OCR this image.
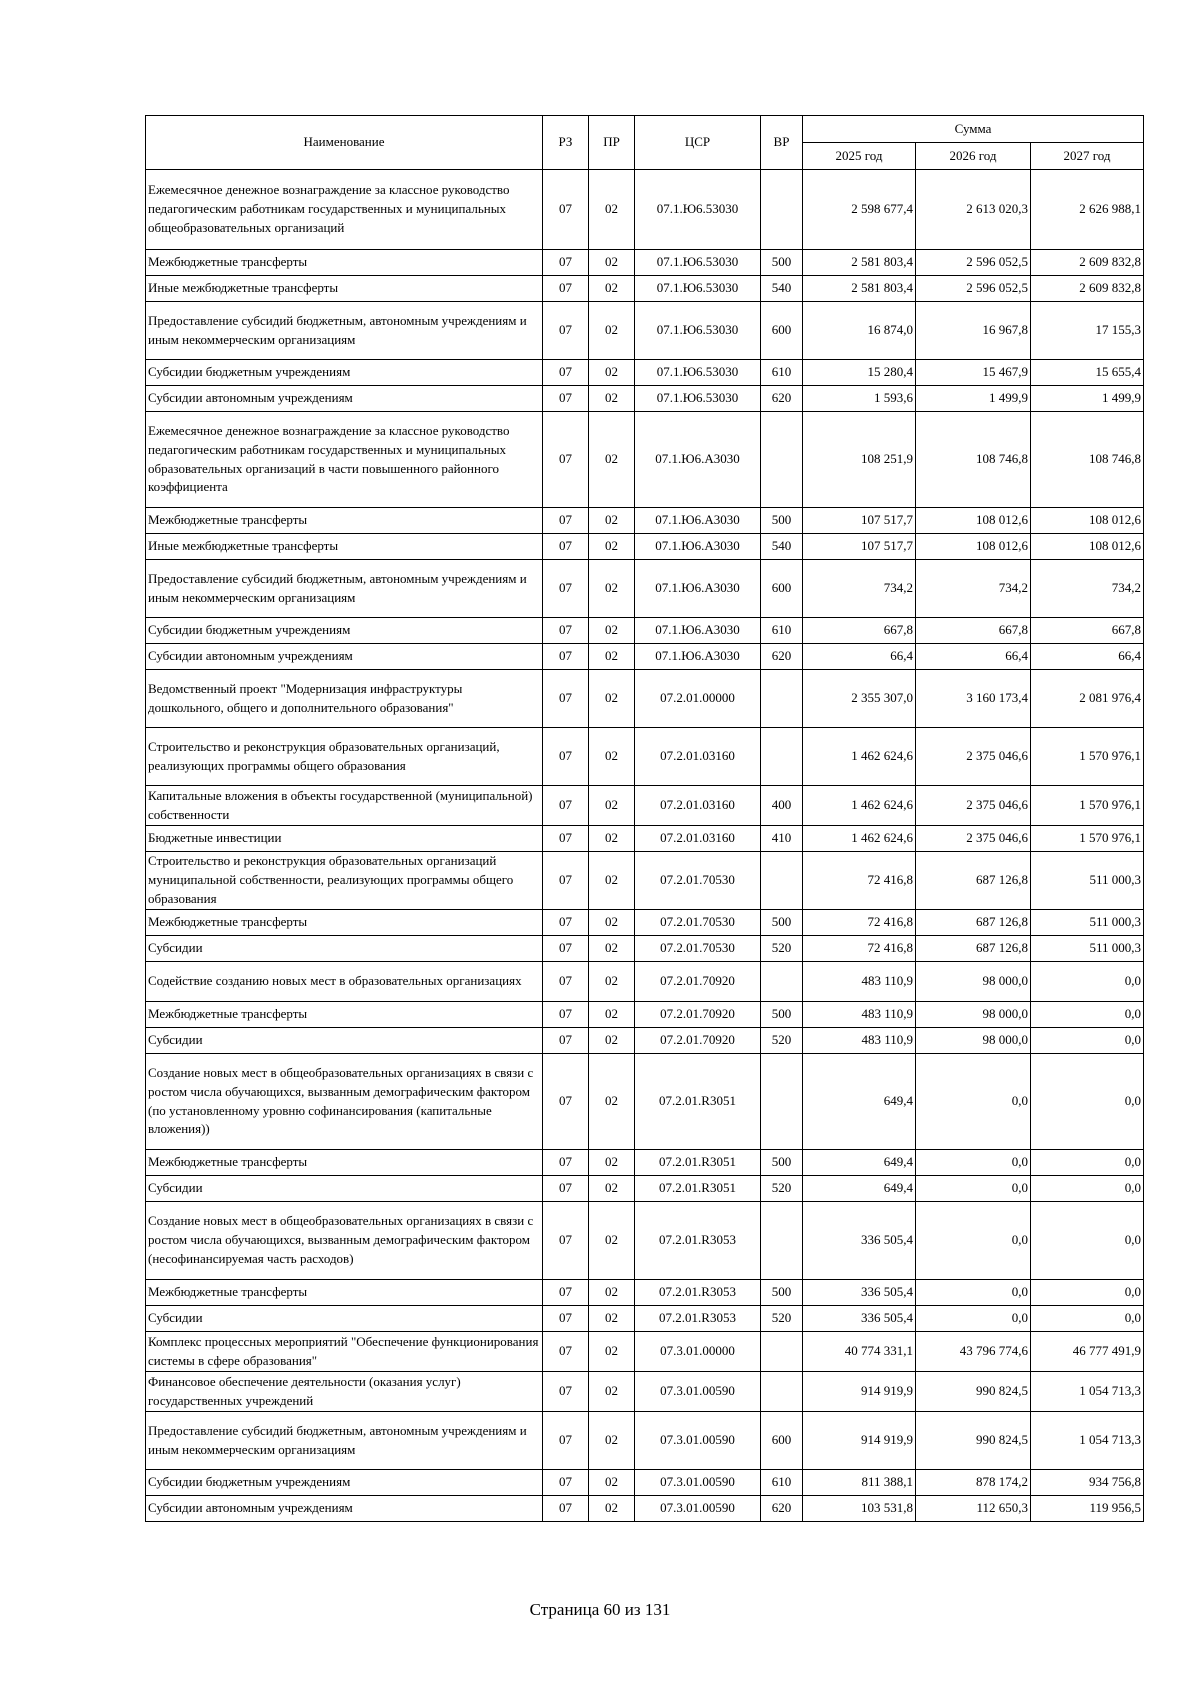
Наименование	РЗ	ПР	ЦСР	ВР	Сумма		
					2025 год	2026 год	2027 год
Ежемесячное денежное вознаграждение за классное руководство педагогическим работникам государственных и муниципальных общеобразовательных организаций	07	02	07.1.Ю6.53030		2 598 677,4	2 613 020,3	2 626 988,1
Межбюджетные трансферты	07	02	07.1.Ю6.53030	500	2 581 803,4	2 596 052,5	2 609 832,8
Иные межбюджетные трансферты	07	02	07.1.Ю6.53030	540	2 581 803,4	2 596 052,5	2 609 832,8
Предоставление субсидий бюджетным, автономным учреждениям и иным некоммерческим организациям	07	02	07.1.Ю6.53030	600	16 874,0	16 967,8	17 155,3
Субсидии бюджетным учреждениям	07	02	07.1.Ю6.53030	610	15 280,4	15 467,9	15 655,4
Субсидии автономным учреждениям	07	02	07.1.Ю6.53030	620	1 593,6	1 499,9	1 499,9
Ежемесячное денежное вознаграждение за классное руководство педагогическим работникам государственных и муниципальных образовательных организаций в части повышенного районного коэффициента	07	02	07.1.Ю6.А3030		108 251,9	108 746,8	108 746,8
Межбюджетные трансферты	07	02	07.1.Ю6.А3030	500	107 517,7	108 012,6	108 012,6
Иные межбюджетные трансферты	07	02	07.1.Ю6.А3030	540	107 517,7	108 012,6	108 012,6
Предоставление субсидий бюджетным, автономным учреждениям и иным некоммерческим организациям	07	02	07.1.Ю6.А3030	600	734,2	734,2	734,2
Субсидии бюджетным учреждениям	07	02	07.1.Ю6.А3030	610	667,8	667,8	667,8
Субсидии автономным учреждениям	07	02	07.1.Ю6.А3030	620	66,4	66,4	66,4
Ведомственный проект "Модернизация инфраструктуры дошкольного, общего и дополнительного образования"	07	02	07.2.01.00000		2 355 307,0	3 160 173,4	2 081 976,4
Строительство и реконструкция образовательных организаций, реализующих программы общего образования	07	02	07.2.01.03160		1 462 624,6	2 375 046,6	1 570 976,1
Капитальные вложения в объекты государственной (муниципальной) собственности	07	02	07.2.01.03160	400	1 462 624,6	2 375 046,6	1 570 976,1
Бюджетные инвестиции	07	02	07.2.01.03160	410	1 462 624,6	2 375 046,6	1 570 976,1
Строительство и реконструкция образовательных организаций муниципальной собственности, реализующих программы общего образования	07	02	07.2.01.70530		72 416,8	687 126,8	511 000,3
Межбюджетные трансферты	07	02	07.2.01.70530	500	72 416,8	687 126,8	511 000,3
Субсидии	07	02	07.2.01.70530	520	72 416,8	687 126,8	511 000,3
Содействие созданию новых мест в образовательных организациях	07	02	07.2.01.70920		483 110,9	98 000,0	0,0
Межбюджетные трансферты	07	02	07.2.01.70920	500	483 110,9	98 000,0	0,0
Субсидии	07	02	07.2.01.70920	520	483 110,9	98 000,0	0,0
Создание новых мест в общеобразовательных организациях в связи с ростом числа обучающихся, вызванным демографическим фактором (по установленному уровню софинансирования (капитальные вложения))	07	02	07.2.01.R3051		649,4	0,0	0,0
Межбюджетные трансферты	07	02	07.2.01.R3051	500	649,4	0,0	0,0
Субсидии	07	02	07.2.01.R3051	520	649,4	0,0	0,0
Создание новых мест в общеобразовательных организациях в связи с ростом числа обучающихся, вызванным демографическим фактором (несофинансируемая часть расходов)	07	02	07.2.01.R3053		336 505,4	0,0	0,0
Межбюджетные трансферты	07	02	07.2.01.R3053	500	336 505,4	0,0	0,0
Субсидии	07	02	07.2.01.R3053	520	336 505,4	0,0	0,0
Комплекс процессных мероприятий "Обеспечение функционирования системы в сфере образования"	07	02	07.3.01.00000		40 774 331,1	43 796 774,6	46 777 491,9
Финансовое обеспечение деятельности (оказания услуг) государственных учреждений	07	02	07.3.01.00590		914 919,9	990 824,5	1 054 713,3
Предоставление субсидий бюджетным, автономным учреждениям и иным некоммерческим организациям	07	02	07.3.01.00590	600	914 919,9	990 824,5	1 054 713,3
Субсидии бюджетным учреждениям	07	02	07.3.01.00590	610	811 388,1	878 174,2	934 756,8
Субсидии автономным учреждениям	07	02	07.3.01.00590	620	103 531,8	112 650,3	119 956,5
Страница 60 из 131
